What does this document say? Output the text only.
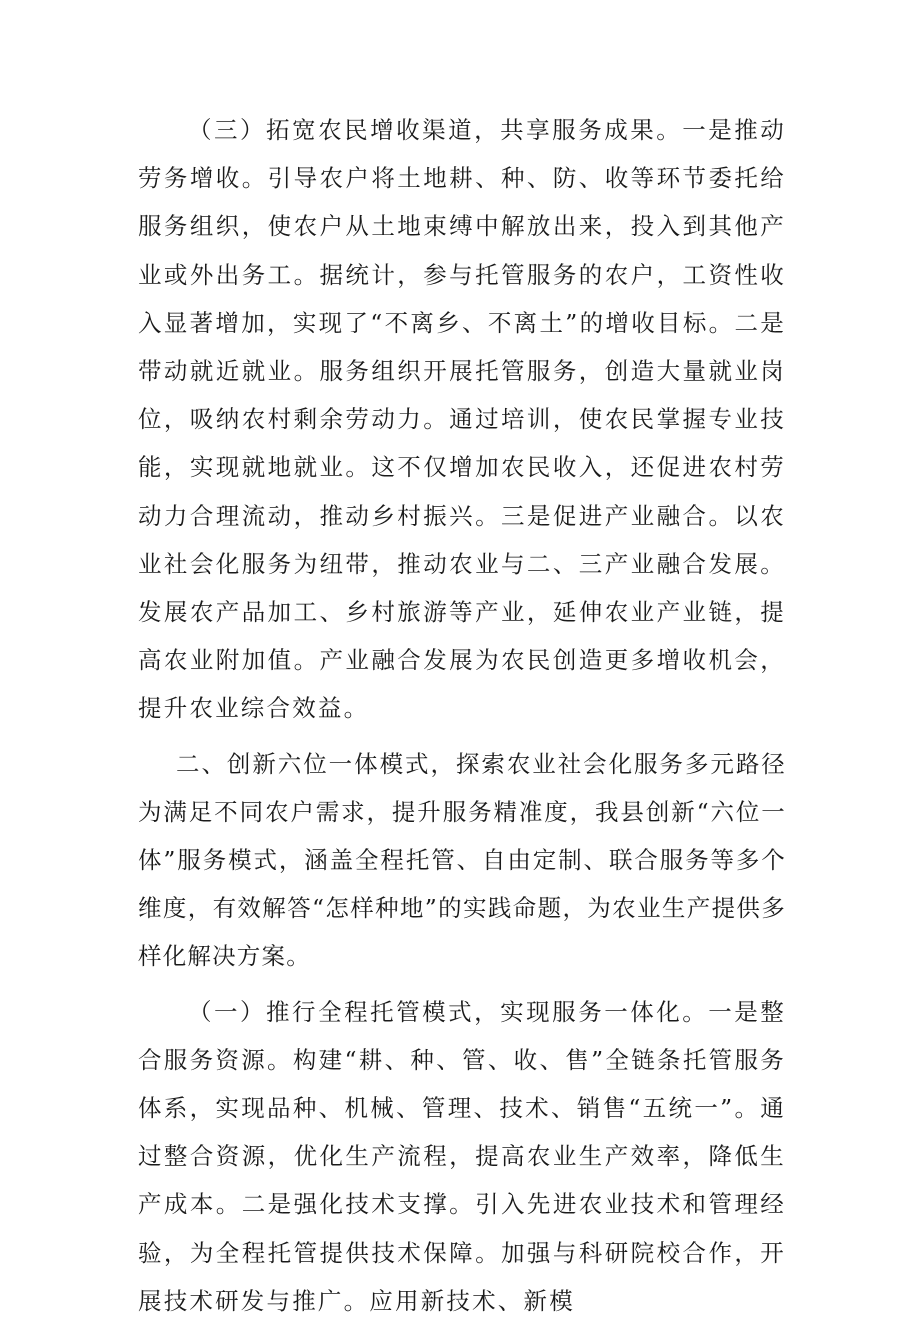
（三）拓宽农民增收渠道，共享服务成果。一是推动劳务增收。引导农户将土地耕、种、防、收等环节委托给服务组织，使农户从土地束缚中解放出来，投入到其他产业或外出务工。据统计，参与托管服务的农户，工资性收入显著增加，实现了“不离乡、不离土”的增收目标。二是带动就近就业。服务组织开展托管服务，创造大量就业岗位，吸纳农村剩余劳动力。通过培训，使农民掌握专业技能，实现就地就业。这不仅增加农民收入，还促进农村劳动力合理流动，推动乡村振兴。三是促进产业融合。以农业社会化服务为纽带，推动农业与二、三产业融合发展。发展农产品加工、乡村旅游等产业，延伸农业产业链，提高农业附加值。产业融合发展为农民创造更多增收机会，提升农业综合效益。

二、创新六位一体模式，探索农业社会化服务多元路径为满足不同农户需求，提升服务精准度，我县创新“六位一体”服务模式，涵盖全程托管、自由定制、联合服务等多个维度，有效解答“怎样种地”的实践命题，为农业生产提供多样化解决方案。

（一）推行全程托管模式，实现服务一体化。一是整合服务资源。构建“耕、种、管、收、售”全链条托管服务体系，实现品种、机械、管理、技术、销售“五统一”。通过整合资源，优化生产流程，提高农业生产效率，降低生产成本。二是强化技术支撑。引入先进农业技术和管理经验，为全程托管提供技术保障。加强与科研院校合作，开展技术研发与推广。应用新技术、新模
